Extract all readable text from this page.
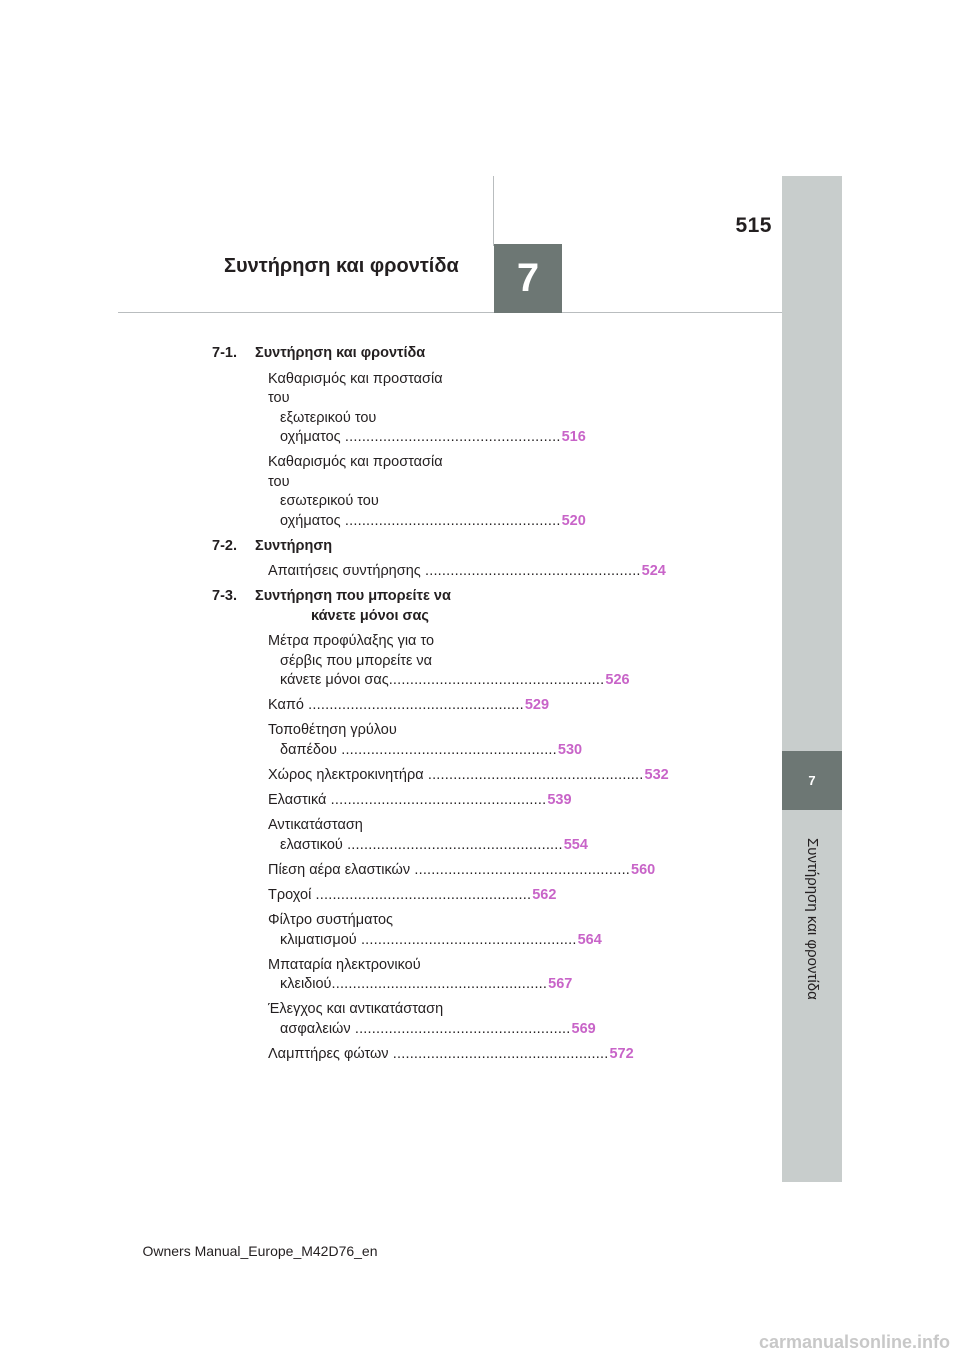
515
Συντήρηση και φροντίδα	7
7
Συντήρηση και φροντίδα
7-1. Συντήρηση και φροντίδα
Καθαρισμός και προστασία του
εξωτερικού του
οχήματος ...................................................516
Καθαρισμός και προστασία του
εσωτερικού του
οχήματος ...................................................520
7-2. Συντήρηση
Απαιτήσεις συντήρησης ...................................................524
7-3. Συντήρηση που μπορείτε να
κάνετε μόνοι σας
Μέτρα προφύλαξης για το
σέρβις που μπορείτε να
κάνετε μόνοι σας...................................................526
Καπό ...................................................529
Τοποθέτηση γρύλου
δαπέδου ...................................................530
Χώρος ηλεκτροκινητήρα ...................................................532
Ελαστικά ...................................................539
Αντικατάσταση
ελαστικού ...................................................554
Πίεση αέρα ελαστικών ...................................................560
Τροχοί ...................................................562
Φίλτρο συστήματος
κλιματισμού ...................................................564
Μπαταρία ηλεκτρονικού
κλειδιού...................................................567
Έλεγχος και αντικατάσταση
ασφαλειών ...................................................569
Λαμπτήρες φώτων ...................................................572
Owners Manual_Europe_M42D76_en
carmanualsonline.info
